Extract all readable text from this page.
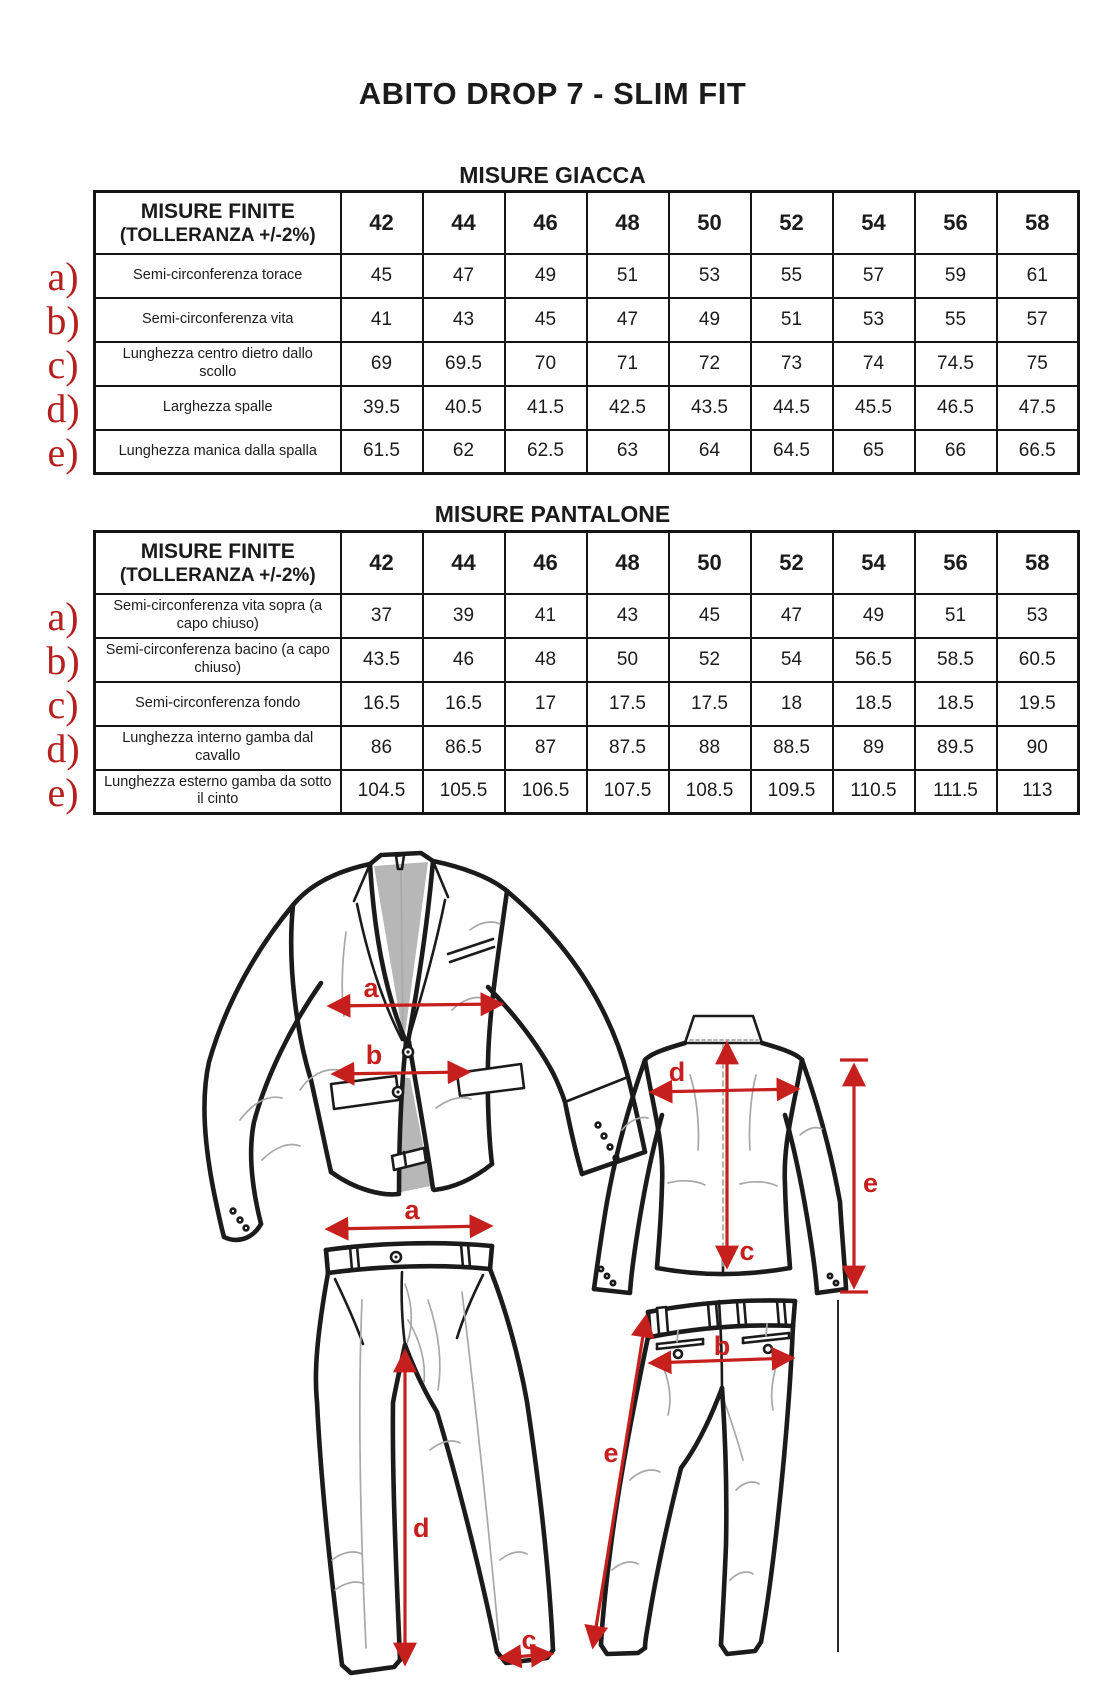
ABITO DROP 7 - SLIM FIT
MISURE GIACCA
a)
b)
c)
d)
e)
MISURE FINITE
(TOLLERANZA +/-2%)	42	44	46	48	50	52	54	56	58
Semi-circonferenza torace	45	47	49	51	53	55	57	59	61
Semi-circonferenza vita	41	43	45	47	49	51	53	55	57
Lunghezza centro dietro dallo scollo	69	69.5	70	71	72	73	74	74.5	75
Larghezza spalle	39.5	40.5	41.5	42.5	43.5	44.5	45.5	46.5	47.5
Lunghezza manica dalla spalla	61.5	62	62.5	63	64	64.5	65	66	66.5
MISURE PANTALONE
a)
b)
c)
d)
e)
MISURE FINITE
(TOLLERANZA +/-2%)	42	44	46	48	50	52	54	56	58
Semi-circonferenza vita sopra (a capo chiuso)	37	39	41	43	45	47	49	51	53
Semi-circonferenza bacino (a capo chiuso)	43.5	46	48	50	52	54	56.5	58.5	60.5
Semi-circonferenza fondo	16.5	16.5	17	17.5	17.5	18	18.5	18.5	19.5
Lunghezza interno gamba dal cavallo	86	86.5	87	87.5	88	88.5	89	89.5	90
Lunghezza esterno gamba da sotto il cinto	104.5	105.5	106.5	107.5	108.5	109.5	110.5	111.5	113
a
b
d
c
e
a
d
c
b
e
